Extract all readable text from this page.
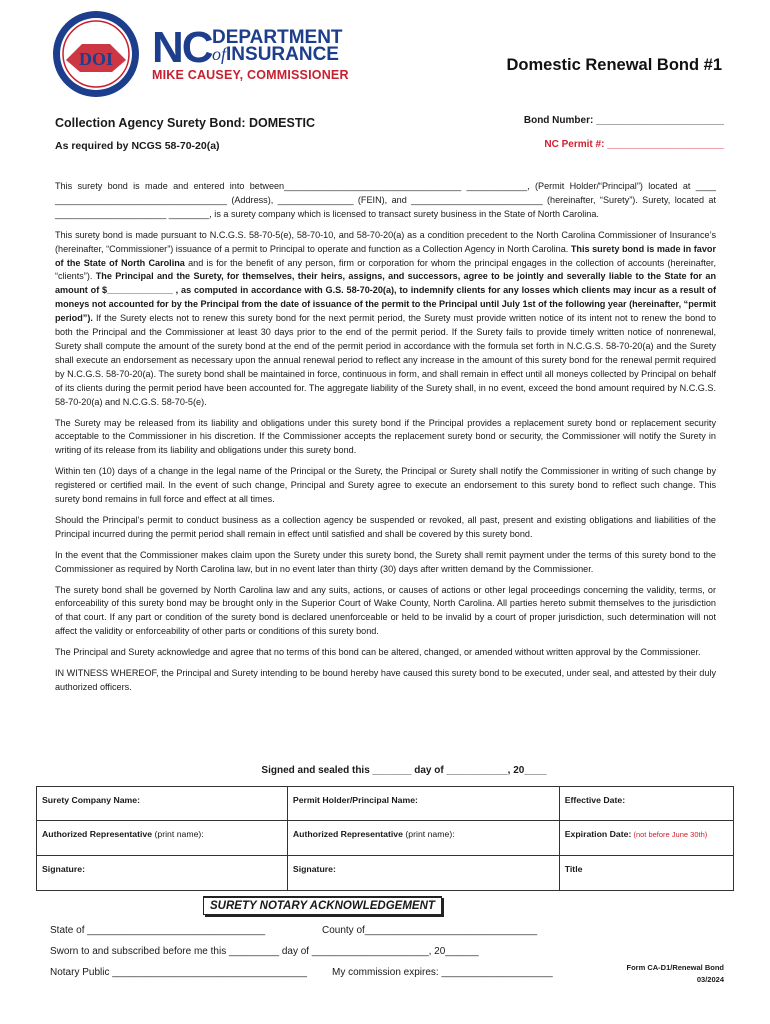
DOI NC DEPARTMENT
ofINSURANCE
MIKE CAUSEY, COMMISSIONER
Domestic Renewal Bond #1
Collection Agency Surety Bond: DOMESTIC
As required by NCGS 58-70-20(a)
Bond Number: _______________________
NC Permit #: _____________________

This surety bond is made and entered into between___________________________________ ____________, (Permit Holder/“Principal”) located at ____ __________________________________ (Address), _______________ (FEIN), and __________________________ (hereinafter, “Surety”). Surety, located at ______________________ ________, is a surety company which is licensed to transact surety business in the State of North Carolina.

This surety bond is made pursuant to N.C.G.S. 58-70-5(e), 58-70-10, and 58-70-20(a) as a condition precedent to the North Carolina Commissioner of Insurance’s (hereinafter, “Commissioner”) issuance of a permit to Principal to operate and function as a Collection Agency in North Carolina. This surety bond is made in favor of the State of North Carolina and is for the benefit of any person, firm or corporation for whom the principal engages in the collection of accounts (hereinafter, “clients”). The Principal and the Surety, for themselves, their heirs, assigns, and successors, agree to be jointly and severally liable to the State for an amount of $_____________ , as computed in accordance with G.S. 58-70-20(a), to indemnify clients for any losses which clients may incur as a result of moneys not accounted for by the Principal from the date of issuance of the permit to the Principal until July 1st of the following year (hereinafter, “permit period”). If the Surety elects not to renew this surety bond for the next permit period, the Surety must provide written notice of its intent not to renew the bond to both the Principal and the Commissioner at least 30 days prior to the end of the permit period. If the Surety fails to provide timely written notice of nonrenewal, Surety shall compute the amount of the surety bond at the end of the permit period in accordance with the formula set forth in N.C.G.S. 58-70-20(a) and the Surety shall execute an endorsement as necessary upon the annual renewal period to reflect any increase in the amount of this surety bond for the renewal permit required by N.C.G.S. 58-70-20(a). The surety bond shall be maintained in force, continuous in form, and shall remain in effect until all moneys collected by Principal on behalf of its clients during the permit period have been accounted for. The aggregate liability of the Surety shall, in no event, exceed the bond amount required by N.C.G.S. 58-70-20(a) and N.C.G.S. 58-70-5(e).

The Surety may be released from its liability and obligations under this surety bond if the Principal provides a replacement surety bond or replacement security acceptable to the Commissioner in his discretion. If the Commissioner accepts the replacement surety bond or security, the Commissioner will notify the Surety in writing of its release from its liability and obligations under this surety bond.

Within ten (10) days of a change in the legal name of the Principal or the Surety, the Principal or Surety shall notify the Commissioner in writing of such change by registered or certified mail. In the event of such change, Principal and Surety agree to execute an endorsement to this surety bond to reflect such change. This surety bond remains in full force and effect at all times.

Should the Principal’s permit to conduct business as a collection agency be suspended or revoked, all past, present and existing obligations and liabilities of the Principal incurred during the permit period shall remain in effect until satisfied and shall be covered by this surety bond.

In the event that the Commissioner makes claim upon the Surety under this surety bond, the Surety shall remit payment under the terms of this surety bond to the Commissioner as required by North Carolina law, but in no event later than thirty (30) days after written demand by the Commissioner.

The surety bond shall be governed by North Carolina law and any suits, actions, or causes of actions or other legal proceedings concerning the validity, terms, or enforceability of this surety bond may be brought only in the Superior Court of Wake County, North Carolina. All parties hereto submit themselves to the jurisdiction of that court. If any part or condition of the surety bond is declared unenforceable or held to be invalid by a court of proper jurisdiction, such determination will not affect the validity or enforceability of other parts or conditions of this surety bond.

The Principal and Surety acknowledge and agree that no terms of this bond can be altered, changed, or amended without written approval by the Commissioner.

IN WITNESS WHEREOF, the Principal and Surety intending to be bound hereby have caused this surety bond to be executed, under seal, and attested by their duly authorized officers.

Signed and sealed this _______ day of ___________, 20____
Surety Company Name:	Permit Holder/Principal Name:	Effective Date:
Authorized Representative (print name):	Authorized Representative (print name):	Expiration Date: (not before June 30th)
Signature:	Signature:	Title
SURETY NOTARY ACKNOWLEDGEMENT
State of ________________________________	County of_______________________________
Sworn to and subscribed before me this _________ day of _____________________, 20______
Notary Public ___________________________________	My commission expires: ____________________	Form CA-D1/Renewal Bond
03/2024
